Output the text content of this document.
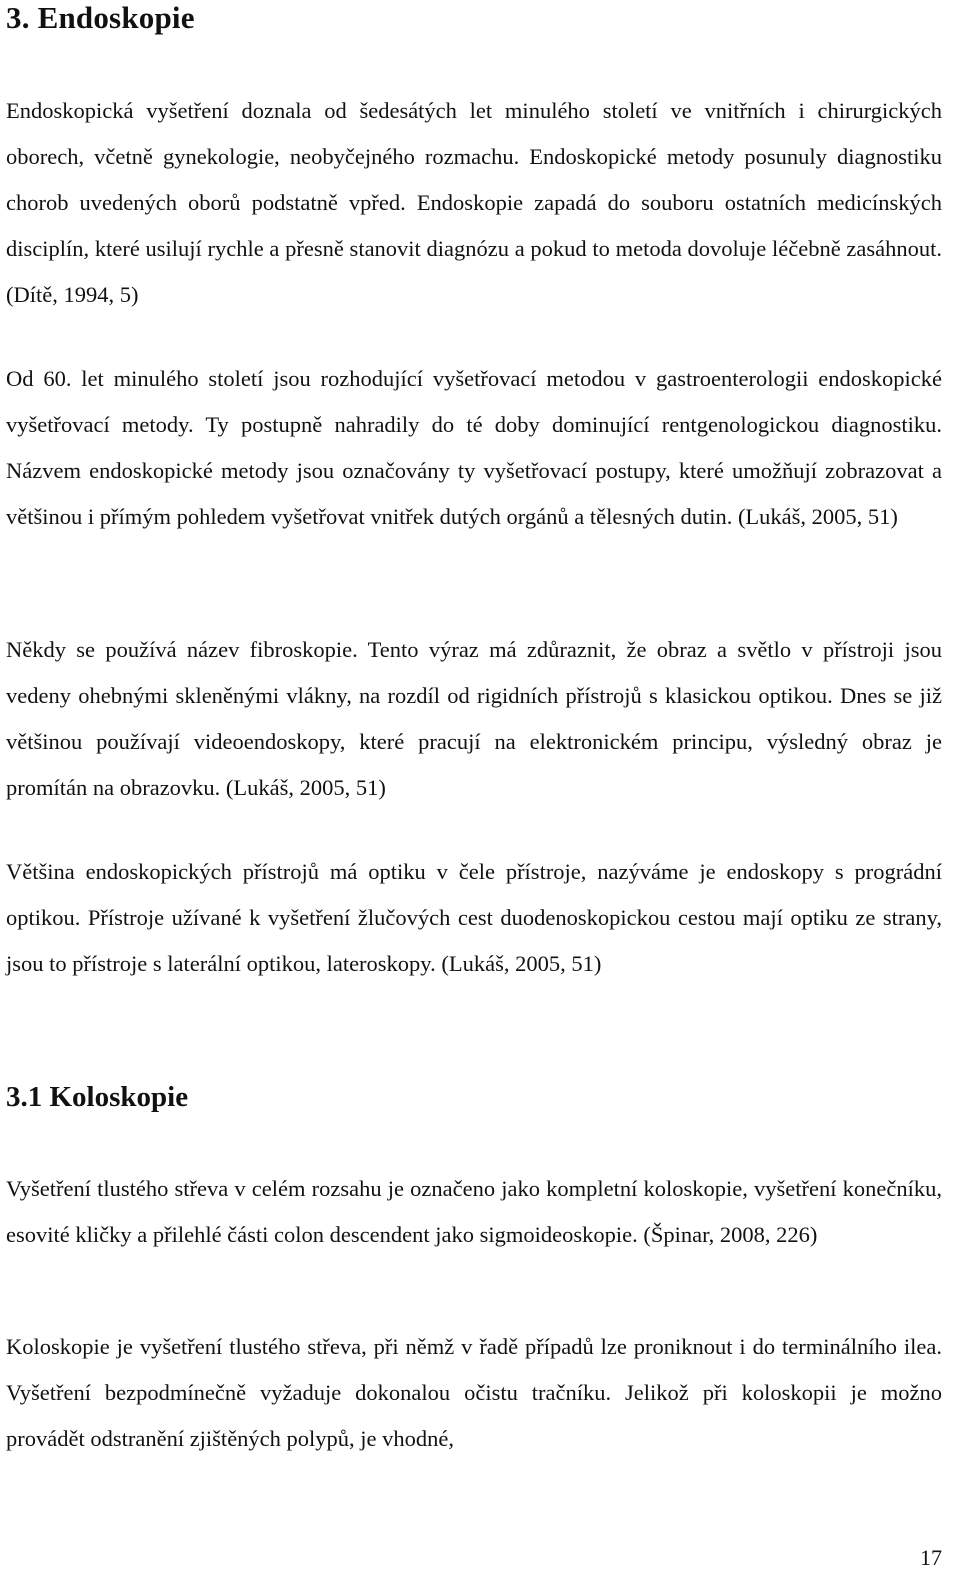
3. Endoskopie

Endoskopická vyšetření doznala od šedesátých let minulého století ve vnitřních i chirurgických oborech, včetně gynekologie, neobyčejného rozmachu. Endoskopické metody posunuly diagnostiku chorob uvedených oborů podstatně vpřed. Endoskopie zapadá do souboru ostatních medicínských disciplín, které usilují rychle a přesně stanovit diagnózu a pokud to metoda dovoluje léčebně zasáhnout. (Dítě, 1994, 5)

Od 60. let minulého století jsou rozhodující vyšetřovací metodou v gastroenterologii endoskopické vyšetřovací metody. Ty postupně nahradily do té doby dominující rentgenologickou diagnostiku. Názvem endoskopické metody jsou označovány ty vyšetřovací postupy, které umožňují zobrazovat a většinou i přímým pohledem vyšetřovat vnitřek dutých orgánů a tělesných dutin. (Lukáš, 2005, 51)

Někdy se používá název fibroskopie. Tento výraz má zdůraznit, že obraz a světlo v přístroji jsou vedeny ohebnými skleněnými vlákny, na rozdíl od rigidních přístrojů s klasickou optikou. Dnes se již většinou používají videoendoskopy, které pracují na elektronickém principu, výsledný obraz je promítán na obrazovku. (Lukáš, 2005, 51)

Většina endoskopických přístrojů má optiku v čele přístroje, nazýváme je endoskopy s prográdní optikou. Přístroje užívané k vyšetření žlučových cest duodenoskopickou cestou mají optiku ze strany, jsou to přístroje s laterální optikou, lateroskopy. (Lukáš, 2005, 51)

3.1 Koloskopie

Vyšetření tlustého střeva v celém rozsahu je označeno jako kompletní koloskopie, vyšetření konečníku, esovité kličky a přilehlé části colon descendent jako sigmoideoskopie. (Špinar, 2008, 226)

Koloskopie je vyšetření tlustého střeva, při němž v řadě případů lze proniknout i do terminálního ilea. Vyšetření bezpodmínečně vyžaduje dokonalou očistu tračníku. Jelikož při koloskopii je možno provádět odstranění zjištěných polypů, je vhodné,

17
